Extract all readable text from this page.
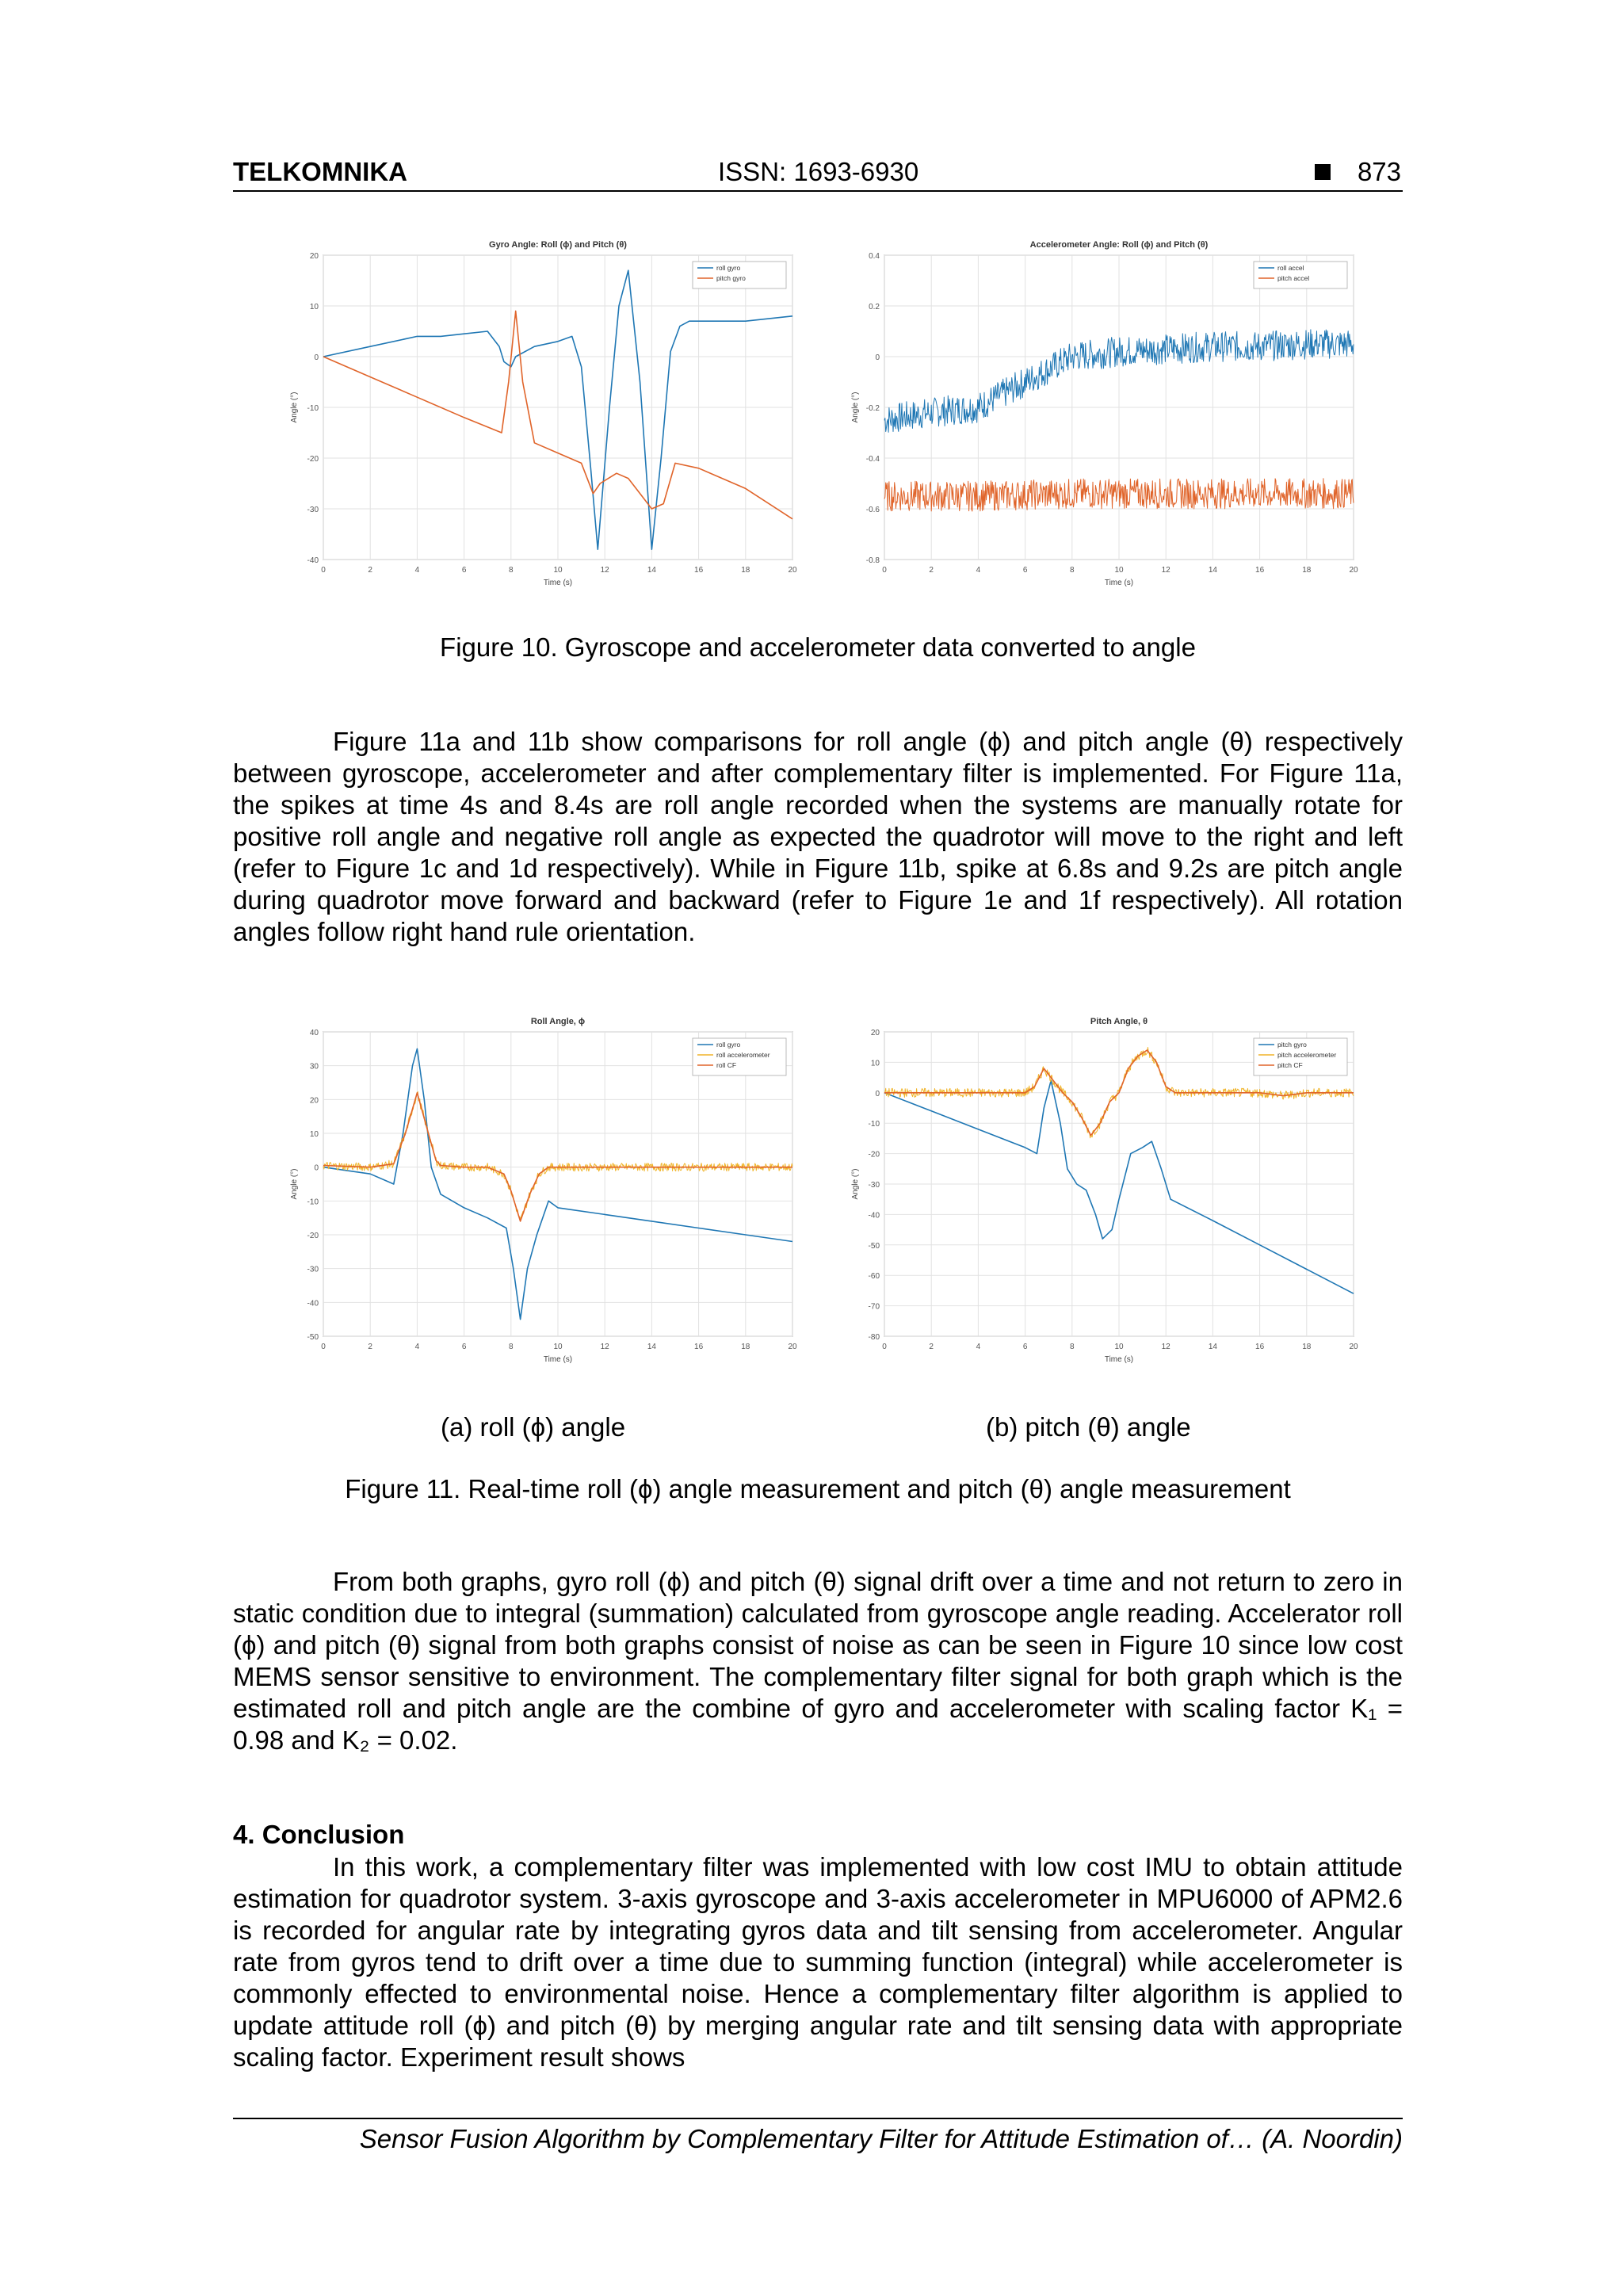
TELKOMNIKA	ISSN: 1693-6930	873
Gyro Angle: Roll (ϕ) and Pitch (θ)
20
10
0
-10
-20
-30
-40
0	2	4	6	8	10	12	14	16	18	20
Time (s)
Angle (°)
roll gyro
pitch gyro
Accelerometer Angle: Roll (ϕ) and Pitch (θ)
0.4
0.2
0
-0.2
-0.4
-0.6
-0.8
0	2	4	6	8	10	12	14	16	18	20
Time (s)
Angle (°)
roll accel
pitch accel
Figure 10. Gyroscope and accelerometer data converted to angle

Figure 11a and 11b show comparisons for roll angle (ϕ) and pitch angle (θ) respectively between gyroscope, accelerometer and after complementary filter is implemented. For Figure 11a, the spikes at time 4s and 8.4s are roll angle recorded when the systems are manually rotate for positive roll angle and negative roll angle as expected the quadrotor will move to the right and left (refer to Figure 1c and 1d respectively). While in Figure 11b, spike at 6.8s and 9.2s are pitch angle during quadrotor move forward and backward (refer to Figure 1e and 1f respectively). All rotation angles follow right hand rule orientation.

Roll Angle, ϕ
40
30
20
10
0
-10
-20
-30
-40
-50
0	2	4	6	8	10	12	14	16	18	20
Time (s)
Angle (°)
roll gyro
roll accelerometer
roll CF
Pitch Angle, θ
20
10
0
-10
-20
-30
-40
-50
-60
-70
-80
0	2	4	6	8	10	12	14	16	18	20
Time (s)
Angle (°)
pitch gyro
pitch accelerometer
pitch CF
(a) roll (ϕ) angle	(b) pitch (θ) angle
Figure 11. Real-time roll (ϕ) angle measurement and pitch (θ) angle measurement

From both graphs, gyro roll (ϕ) and pitch (θ) signal drift over a time and not return to zero in static condition due to integral (summation) calculated from gyroscope angle reading. Accelerator roll (ϕ) and pitch (θ) signal from both graphs consist of noise as can be seen in Figure 10 since low cost MEMS sensor sensitive to environment. The complementary filter signal for both graph which is the estimated roll and pitch angle are the combine of gyro and accelerometer with scaling factor K₁ = 0.98 and K₂ = 0.02.

4. Conclusion

In this work, a complementary filter was implemented with low cost IMU to obtain attitude estimation for quadrotor system. 3-axis gyroscope and 3-axis accelerometer in MPU6000 of APM2.6 is recorded for angular rate by integrating gyros data and tilt sensing from accelerometer. Angular rate from gyros tend to drift over a time due to summing function (integral) while accelerometer is commonly effected to environmental noise. Hence a complementary filter algorithm is applied to update attitude roll (ϕ) and pitch (θ) by merging angular rate and tilt sensing data with appropriate scaling factor. Experiment result shows

Sensor Fusion Algorithm by Complementary Filter for Attitude Estimation of… (A. Noordin)
